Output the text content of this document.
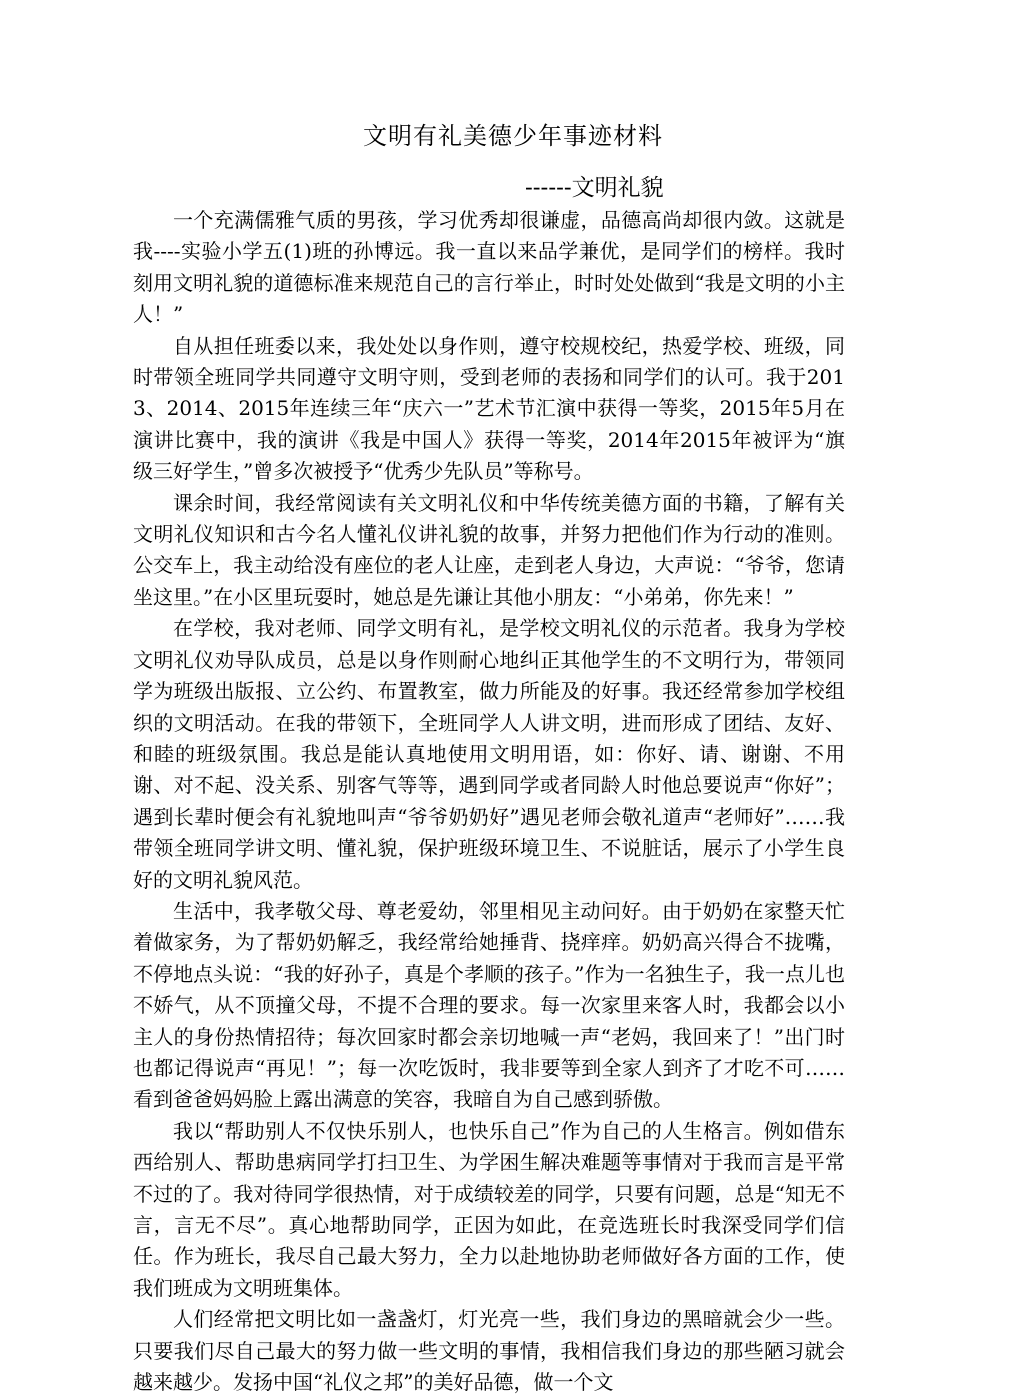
文明有礼美德少年事迹材料
------文明礼貌

一个充满儒雅气质的男孩，学习优秀却很谦虚，品德高尚却很内敛。这就是我----实验小学五(1)班的孙博远。我一直以来品学兼优，是同学们的榜样。我时刻用文明礼貌的道德标准来规范自己的言行举止，时时处处做到“我是文明的小主人！”

自从担任班委以来，我处处以身作则，遵守校规校纪，热爱学校、班级，同时带领全班同学共同遵守文明守则，受到老师的表扬和同学们的认可。我于2013、2014、2015年连续三年“庆六一”艺术节汇演中获得一等奖，2015年5月在演讲比赛中，我的演讲《我是中国人》获得一等奖，2014年2015年被评为“旗级三好学生，”曾多次被授予“优秀少先队员”等称号。

课余时间，我经常阅读有关文明礼仪和中华传统美德方面的书籍，了解有关文明礼仪知识和古今名人懂礼仪讲礼貌的故事，并努力把他们作为行动的准则。公交车上，我主动给没有座位的老人让座，走到老人身边，大声说：“爷爷，您请坐这里。”在小区里玩耍时，她总是先谦让其他小朋友：“小弟弟，你先来！”

在学校，我对老师、同学文明有礼，是学校文明礼仪的示范者。我身为学校文明礼仪劝导队成员，总是以身作则耐心地纠正其他学生的不文明行为，带领同学为班级出版报、立公约、布置教室，做力所能及的好事。我还经常参加学校组织的文明活动。在我的带领下，全班同学人人讲文明，进而形成了团结、友好、和睦的班级氛围。我总是能认真地使用文明用语，如：你好、请、谢谢、不用谢、对不起、没关系、别客气等等，遇到同学或者同龄人时他总要说声“你好”；遇到长辈时便会有礼貌地叫声“爷爷奶奶好”遇见老师会敬礼道声“老师好”……我带领全班同学讲文明、懂礼貌，保护班级环境卫生、不说脏话，展示了小学生良好的文明礼貌风范。

生活中，我孝敬父母、尊老爱幼，邻里相见主动问好。由于奶奶在家整天忙着做家务，为了帮奶奶解乏，我经常给她捶背、挠痒痒。奶奶高兴得合不拢嘴，不停地点头说：“我的好孙子，真是个孝顺的孩子。”作为一名独生子，我一点儿也不娇气，从不顶撞父母，不提不合理的要求。每一次家里来客人时，我都会以小主人的身份热情招待；每次回家时都会亲切地喊一声“老妈，我回来了！”出门时也都记得说声“再见！”；每一次吃饭时，我非要等到全家人到齐了才吃不可……看到爸爸妈妈脸上露出满意的笑容，我暗自为自己感到骄傲。

我以“帮助别人不仅快乐别人，也快乐自己”作为自己的人生格言。例如借东西给别人、帮助患病同学打扫卫生、为学困生解决难题等事情对于我而言是平常不过的了。我对待同学很热情，对于成绩较差的同学，只要有问题，总是“知无不言，言无不尽”。真心地帮助同学，正因为如此，在竞选班长时我深受同学们信任。作为班长，我尽自己最大努力，全力以赴地协助老师做好各方面的工作，使我们班成为文明班集体。

人们经常把文明比如一盏盏灯，灯光亮一些，我们身边的黑暗就会少一些。只要我们尽自己最大的努力做一些文明的事情，我相信我们身边的那些陋习就会越来越少。发扬中国“礼仪之邦”的美好品德，做一个文
